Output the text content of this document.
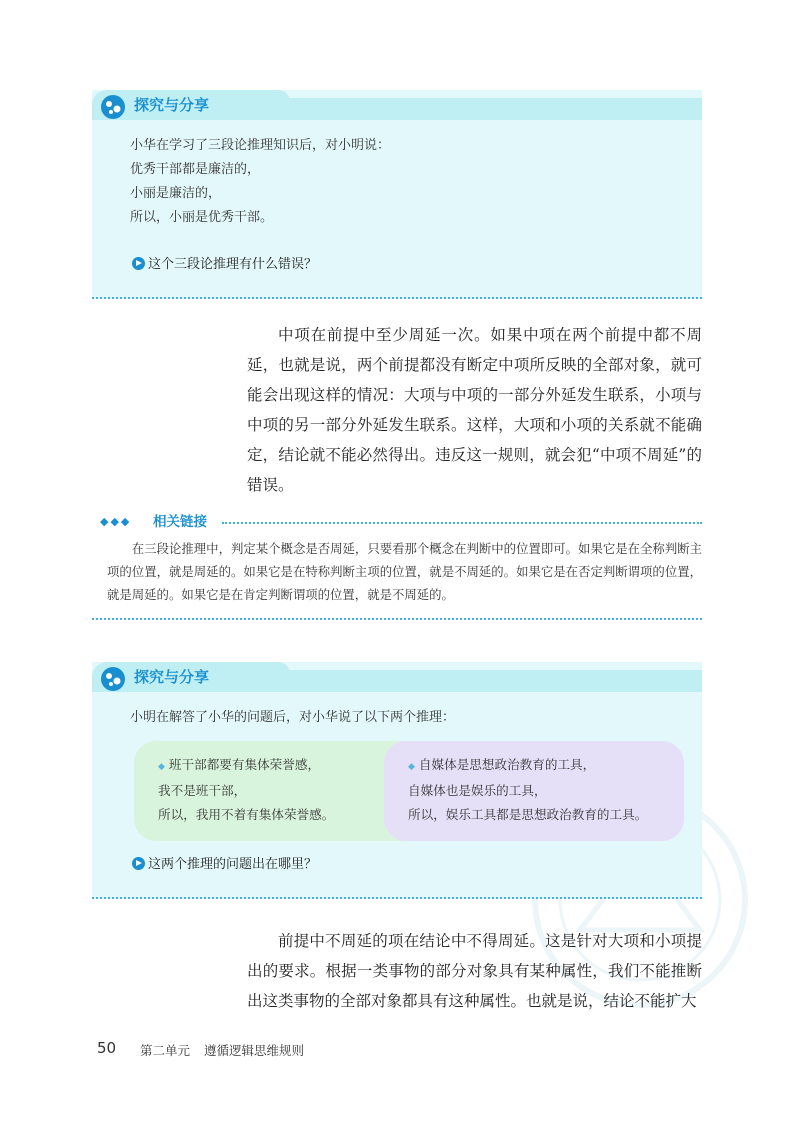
探究与分享
小华在学习了三段论推理知识后，对小明说：
优秀干部都是廉洁的，
小丽是廉洁的，
所以，小丽是优秀干部。
这个三段论推理有什么错误？
中项在前提中至少周延一次。如果中项在两个前提中都不周延，也就是说，两个前提都没有断定中项所反映的全部对象，就可能会出现这样的情况：大项与中项的一部分外延发生联系，小项与中项的另一部分外延发生联系。这样，大项和小项的关系就不能确定，结论就不能必然得出。违反这一规则，就会犯“中项不周延”的错误。
◆◆◆ 相关链接
在三段论推理中，判定某个概念是否周延，只要看那个概念在判断中的位置即可。如果它是在全称判断主项的位置，就是周延的。如果它是在特称判断主项的位置，就是不周延的。如果它是在否定判断谓项的位置，就是周延的。如果它是在肯定判断谓项的位置，就是不周延的。
探究与分享
小明在解答了小华的问题后，对小华说了以下两个推理：
这两个推理的问题出在哪里？
◆ 班干部都要有集体荣誉感，
我不是班干部，
所以，我用不着有集体荣誉感。
◆ 自媒体是思想政治教育的工具，
自媒体也是娱乐的工具，
所以，娱乐工具都是思想政治教育的工具。
前提中不周延的项在结论中不得周延。这是针对大项和小项提出的要求。根据一类事物的部分对象具有某种属性，我们不能推断出这类事物的全部对象都具有这种属性。也就是说，结论不能扩大
50 第二单元 遵循逻辑思维规则
